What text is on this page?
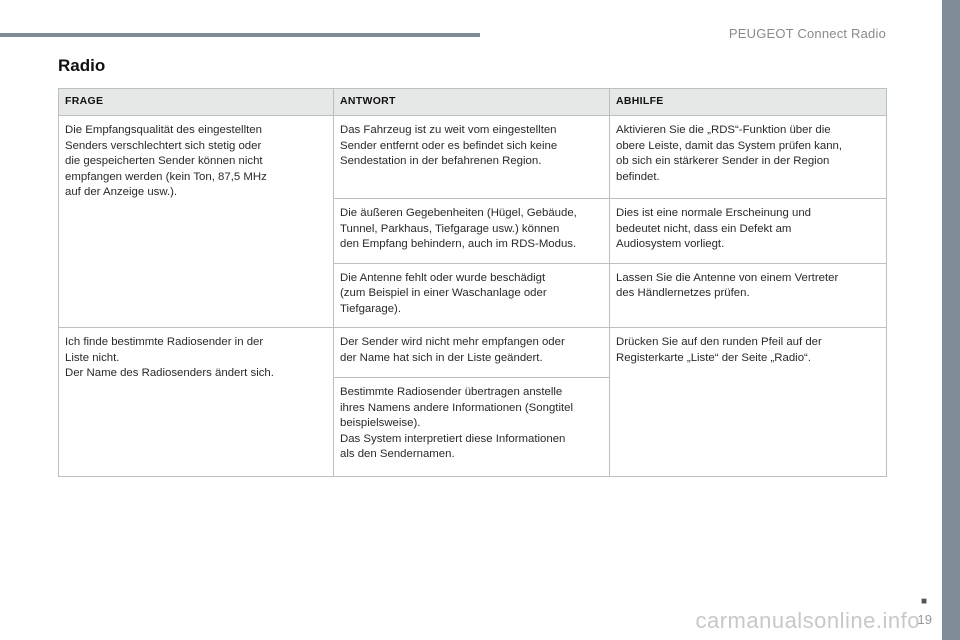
PEUGEOT Connect Radio
Radio
FRAGE	ANTWORT	ABHILFE

Die Empfangsqualität des eingestellten
Senders verschlechtert sich stetig oder
die gespeicherten Sender können nicht
empfangen werden (kein Ton, 87,5 MHz
auf der Anzeige usw.).	Das Fahrzeug ist zu weit vom eingestellten
Sender entfernt oder es befindet sich keine
Sendestation in der befahrenen Region.	Aktivieren Sie die „RDS“-Funktion über die
obere Leiste, damit das System prüfen kann,
ob sich ein stärkerer Sender in der Region
befindet.

	Die äußeren Gegebenheiten (Hügel, Gebäude,
Tunnel, Parkhaus, Tiefgarage usw.) können
den Empfang behindern, auch im RDS-Modus.	Dies ist eine normale Erscheinung und
bedeutet nicht, dass ein Defekt am
Audiosystem vorliegt.

	Die Antenne fehlt oder wurde beschädigt
(zum Beispiel in einer Waschanlage oder
Tiefgarage).	Lassen Sie die Antenne von einem Vertreter
des Händlernetzes prüfen.

Ich finde bestimmte Radiosender in der
Liste nicht.
Der Name des Radiosenders ändert sich.	Der Sender wird nicht mehr empfangen oder
der Name hat sich in der Liste geändert.	Drücken Sie auf den runden Pfeil auf der
Registerkarte „Liste“ der Seite „Radio“.

	Bestimmte Radiosender übertragen anstelle
ihres Namens andere Informationen (Songtitel
beispielsweise).
Das System interpretiert diese Informationen
als den Sendernamen.	
■
19
carmanualsonline.info
